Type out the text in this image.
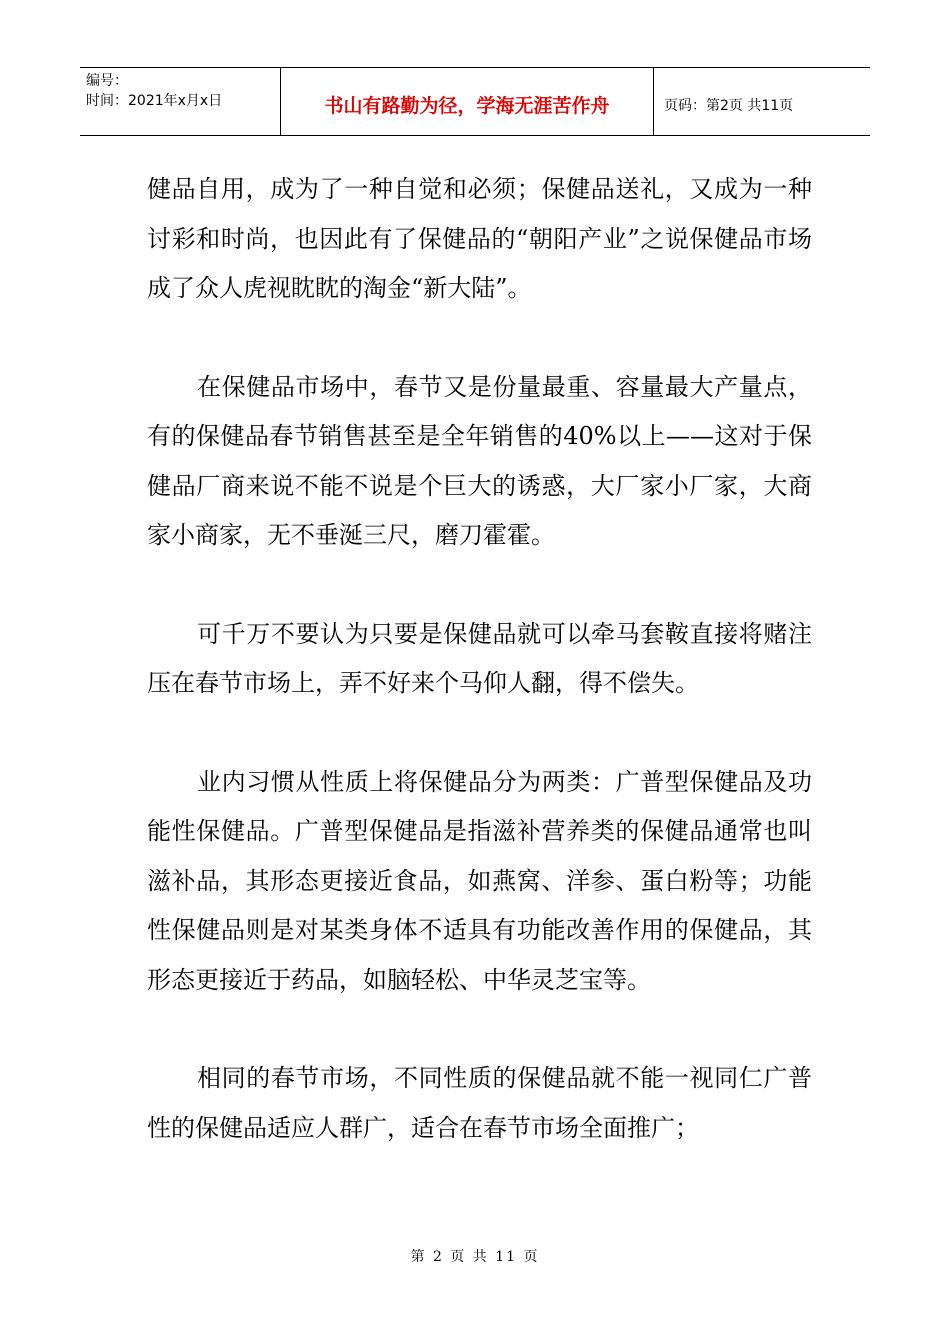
编号：
时间：2021年x月x日	书山有路勤为径，学海无涯苦作舟	页码：第2页 共11页

健品自用，成为了一种自觉和必须；保健品送礼，又成为一种讨彩和时尚，也因此有了保健品的“朝阳产业”之说保健品市场成了众人虎视眈眈的淘金“新大陆”。

在保健品市场中，春节又是份量最重、容量最大产量点，有的保健品春节销售甚至是全年销售的40%以上——这对于保健品厂商来说不能不说是个巨大的诱惑，大厂家小厂家，大商家小商家，无不垂涎三尺，磨刀霍霍。

可千万不要认为只要是保健品就可以牵马套鞍直接将赌注压在春节市场上，弄不好来个马仰人翻，得不偿失。

业内习惯从性质上将保健品分为两类：广普型保健品及功能性保健品。广普型保健品是指滋补营养类的保健品通常也叫滋补品，其形态更接近食品，如燕窝、洋参、蛋白粉等；功能性保健品则是对某类身体不适具有功能改善作用的保健品，其形态更接近于药品，如脑轻松、中华灵芝宝等。

相同的春节市场，不同性质的保健品就不能一视同仁广普性的保健品适应人群广，适合在春节市场全面推广；

第 2 页 共 11 页
